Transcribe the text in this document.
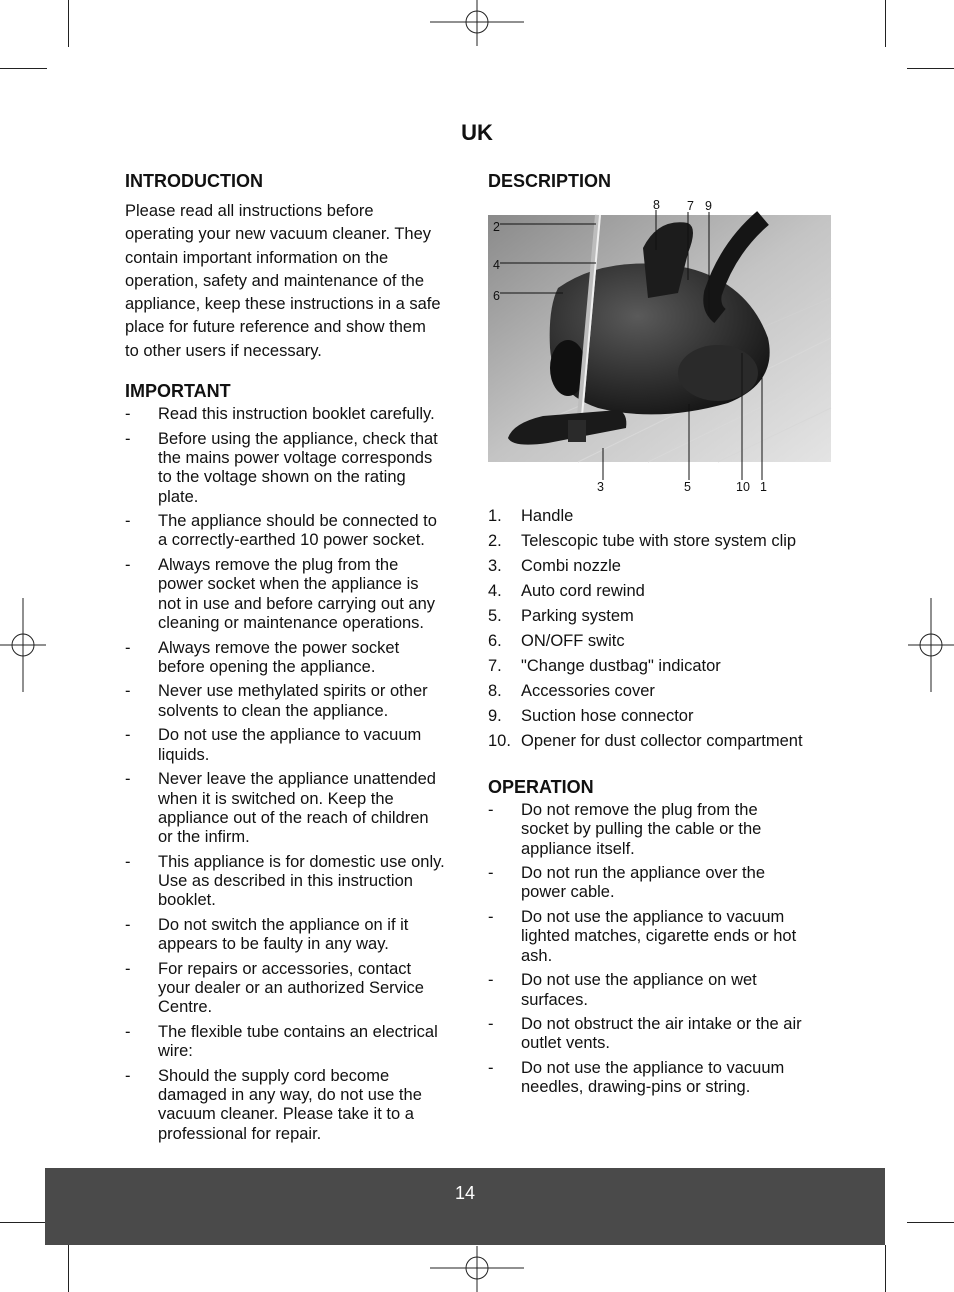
UK
INTRODUCTION

Please read all instructions before
operating your new vacuum cleaner. They
contain important information on the
operation, safety and maintenance of the
appliance, keep these instructions in a safe
place for future reference and show them
to other users if necessary.

IMPORTANT
- Read this instruction booklet carefully.
- Before using the appliance, check that
the mains power voltage corresponds
to the voltage shown on the rating
plate.
- The appliance should be connected to
a correctly-earthed 10 power socket.
- Always remove the plug from the
power socket when the appliance is
not in use and before carrying out any
cleaning or maintenance operations.
- Always remove the power socket
before opening the appliance.
- Never use methylated spirits or other
solvents to clean the appliance.
- Do not use the appliance to vacuum
liquids.
- Never leave the appliance unattended
when it is switched on. Keep the
appliance out of the reach of children
or the infirm.
- This appliance is for domestic use only.
Use as described in this instruction
booklet.
- Do not switch the appliance on if it
appears to be faulty in any way.
- For repairs or accessories, contact
your dealer or an authorized Service
Centre.
- The flexible tube contains an electrical
wire:
- Should the supply cord become
damaged in any way, do not use the
vacuum cleaner. Please take it to a
professional for repair.
DESCRIPTION
8 7 9
2
4
6
3	5	10 1
1. Handle
2. Telescopic tube with store system clip
3. Combi nozzle
4. Auto cord rewind
5. Parking system
6. ON/OFF switc
7. "Change dustbag" indicator
8. Accessories cover
9. Suction hose connector
10. Opener for dust collector compartment
OPERATION
- Do not remove the plug from the
socket by pulling the cable or the
appliance itself.
- Do not run the appliance over the
power cable.
- Do not use the appliance to vacuum
lighted matches, cigarette ends or hot
ash.
- Do not use the appliance on wet
surfaces.
- Do not obstruct the air intake or the air
outlet vents.
- Do not use the appliance to vacuum
needles, drawing-pins or string.
14
